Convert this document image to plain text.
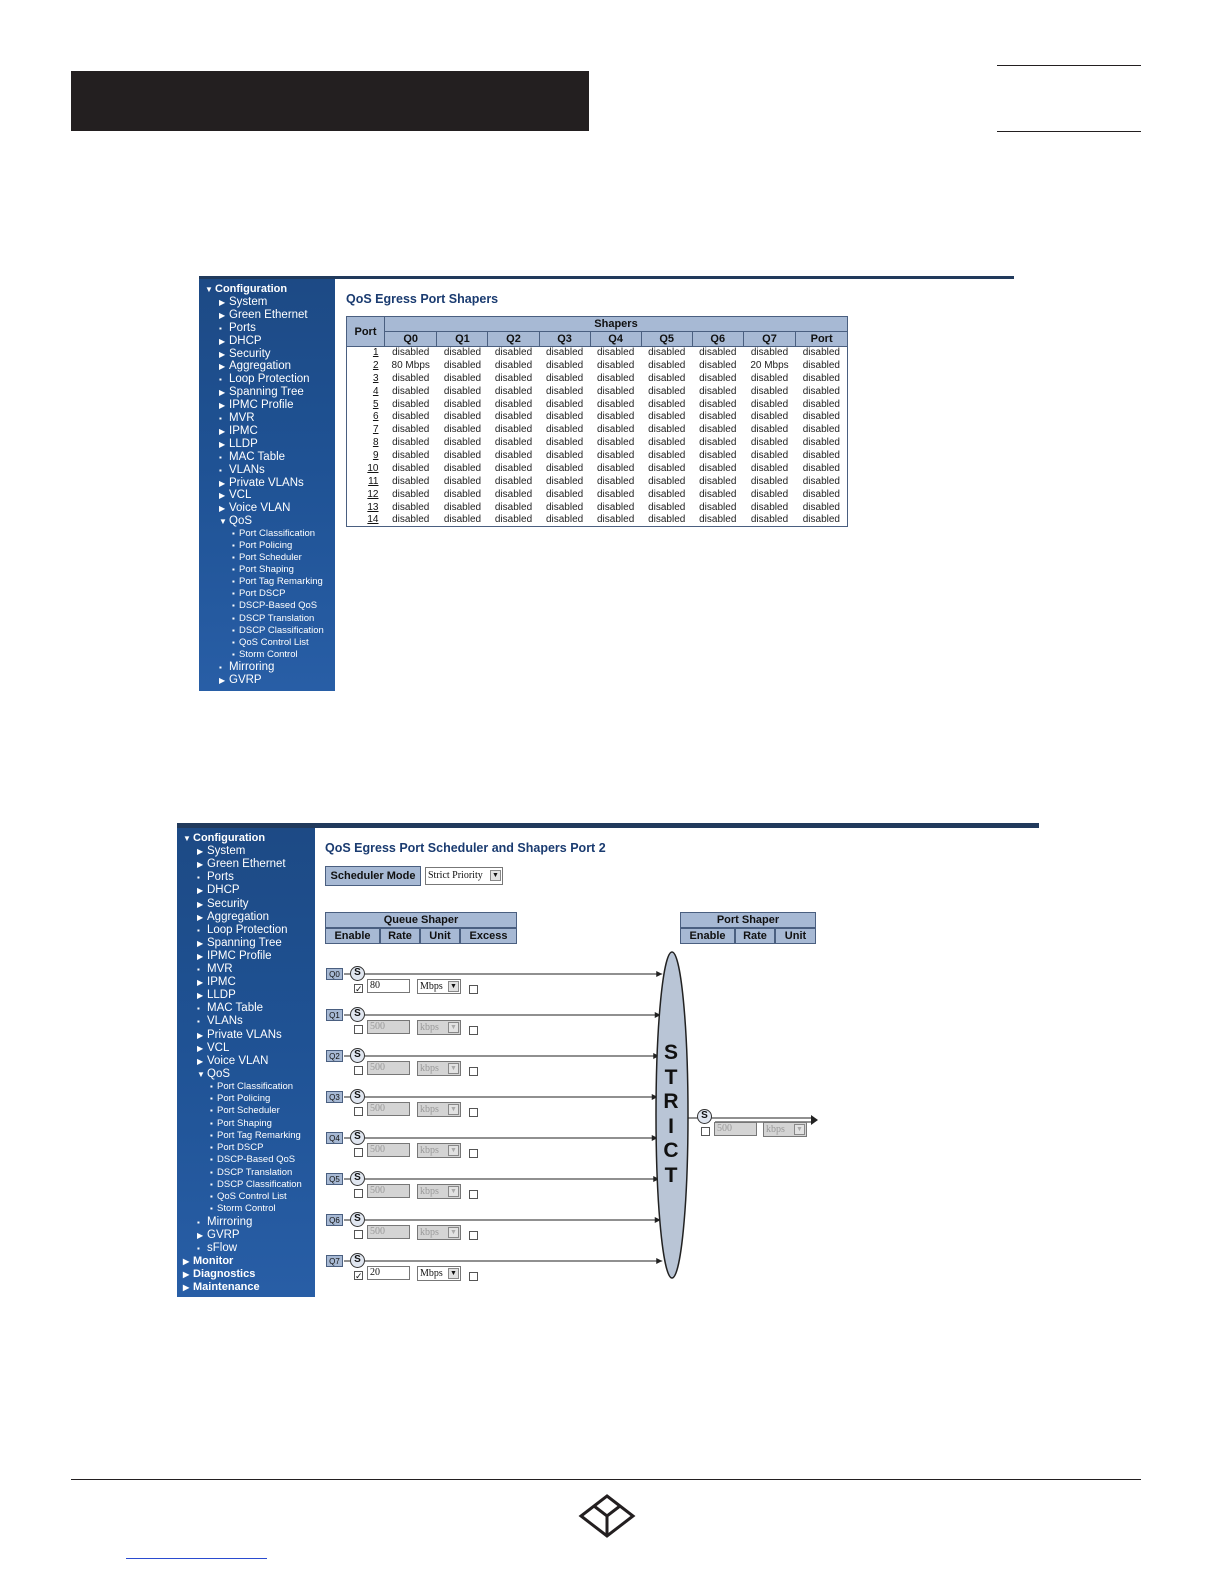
▼ Configuration
▶ System
▶ Green Ethernet
▪ Ports
▶ DHCP
▶ Security
▶ Aggregation
▪ Loop Protection
▶ Spanning Tree
▶ IPMC Profile
▪ MVR
▶ IPMC
▶ LLDP
▪ MAC Table
▪ VLANs
▶ Private VLANs
▶ VCL
▶ Voice VLAN
▼ QoS
▪ Port Classification
▪ Port Policing
▪ Port Scheduler
▪ Port Shaping
▪ Port Tag Remarking
▪ Port DSCP
▪ DSCP-Based QoS
▪ DSCP Translation
▪ DSCP Classification
▪ QoS Control List
▪ Storm Control
▪ Mirroring
▶ GVRP
QoS Egress Port Shapers
Port	Shapers								
	Q0	Q1	Q2	Q3	Q4	Q5	Q6	Q7	Port
1	disabled	disabled	disabled	disabled	disabled	disabled	disabled	disabled	disabled
2	80 Mbps	disabled	disabled	disabled	disabled	disabled	disabled	20 Mbps	disabled
3	disabled	disabled	disabled	disabled	disabled	disabled	disabled	disabled	disabled
4	disabled	disabled	disabled	disabled	disabled	disabled	disabled	disabled	disabled
5	disabled	disabled	disabled	disabled	disabled	disabled	disabled	disabled	disabled
6	disabled	disabled	disabled	disabled	disabled	disabled	disabled	disabled	disabled
7	disabled	disabled	disabled	disabled	disabled	disabled	disabled	disabled	disabled
8	disabled	disabled	disabled	disabled	disabled	disabled	disabled	disabled	disabled
9	disabled	disabled	disabled	disabled	disabled	disabled	disabled	disabled	disabled
10	disabled	disabled	disabled	disabled	disabled	disabled	disabled	disabled	disabled
11	disabled	disabled	disabled	disabled	disabled	disabled	disabled	disabled	disabled
12	disabled	disabled	disabled	disabled	disabled	disabled	disabled	disabled	disabled
13	disabled	disabled	disabled	disabled	disabled	disabled	disabled	disabled	disabled
14	disabled	disabled	disabled	disabled	disabled	disabled	disabled	disabled	disabled
▼ Configuration
▶ System
▶ Green Ethernet
▪ Ports
▶ DHCP
▶ Security
▶ Aggregation
▪ Loop Protection
▶ Spanning Tree
▶ IPMC Profile
▪ MVR
▶ IPMC
▶ LLDP
▪ MAC Table
▪ VLANs
▶ Private VLANs
▶ VCL
▶ Voice VLAN
▼ QoS
▪ Port Classification
▪ Port Policing
▪ Port Scheduler
▪ Port Shaping
▪ Port Tag Remarking
▪ Port DSCP
▪ DSCP-Based QoS
▪ DSCP Translation
▪ DSCP Classification
▪ QoS Control List
▪ Storm Control
▪ Mirroring
▶ GVRP
▪ sFlow
▶ Monitor
▶ Diagnostics
▶ Maintenance
QoS Egress Port Scheduler and Shapers Port 2
Scheduler Mode	Strict Priority ▼
Queue Shaper
Enable	Rate	Unit	Excess
Port Shaper
Enable	Rate	Unit
S
T
R
I
C
T
Q0	S
✓ 80	Mbps ▼
Q1	S
500	kbps ▼
Q2	S
500	kbps ▼
Q3	S
500	kbps ▼
Q4	S
500	kbps ▼
Q5	S
500	kbps ▼
Q6	S
500	kbps ▼
Q7	S
✓ 20	Mbps ▼
S
500	kbps ▼
